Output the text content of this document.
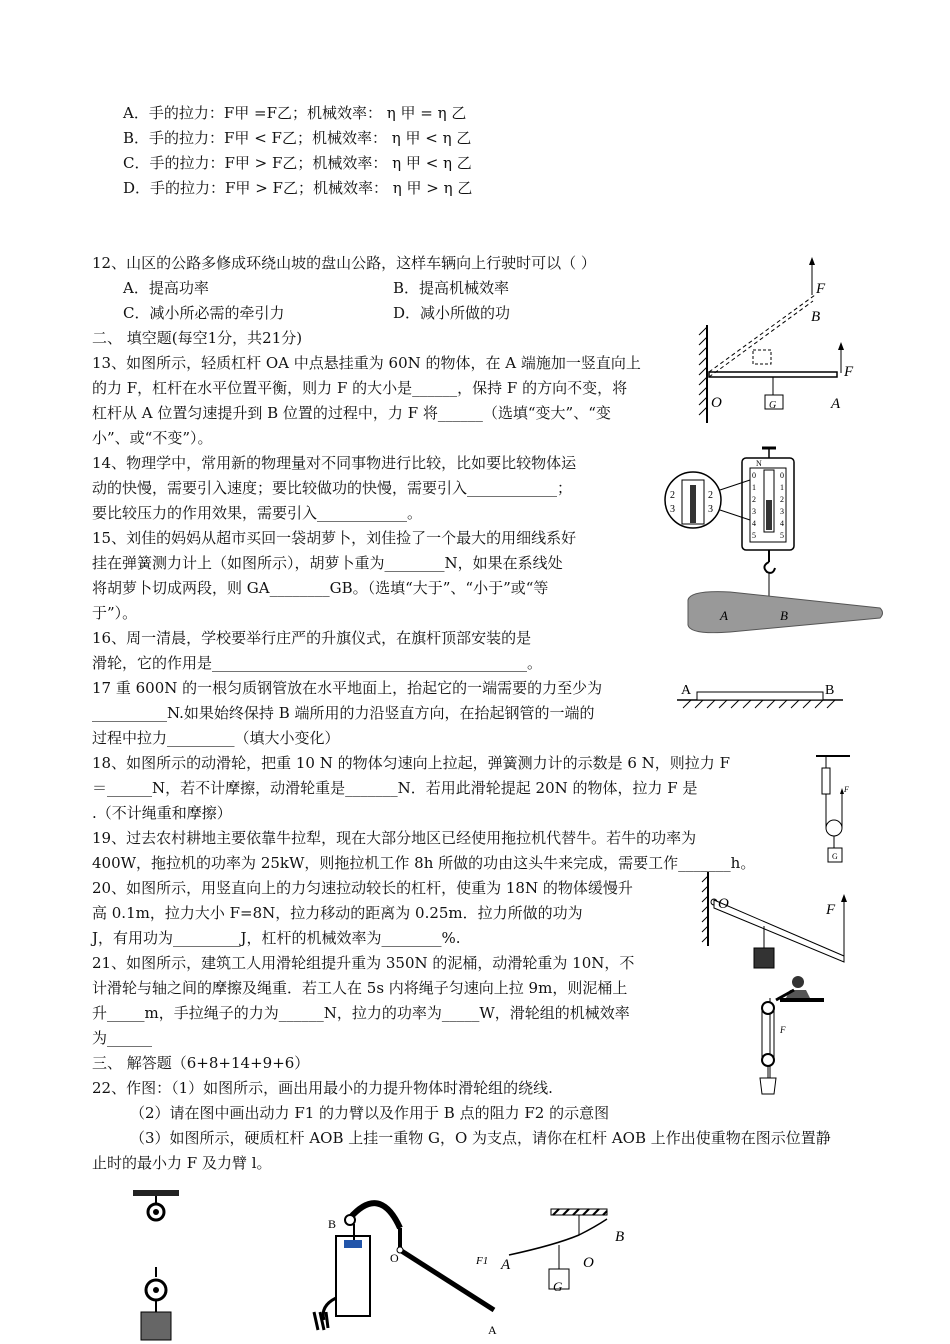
A．手的拉力：F甲 =F乙；机械效率： η 甲 = η 乙
B．手的拉力：F甲 < F乙；机械效率： η 甲 < η 乙
C．手的拉力：F甲 > F乙；机械效率： η 甲 < η 乙
D．手的拉力：F甲 > F乙；机械效率： η 甲 > η 乙
12、山区的公路多修成环绕山坡的盘山公路，这样车辆向上行驶时可以（ ）
A．提高功率	B．提高机械效率
C．减小所必需的牵引力	D．减小所做的功
二、 填空题(每空1分，共21分)
13、如图所示，轻质杠杆 OA 中点悬挂重为 60N 的物体，在 A 端施加一竖直向上
的力 F，杠杆在水平位置平衡，则力 F 的大小是______，保持 F 的方向不变，将
杠杆从 A 位置匀速提升到 B 位置的过程中，力 F 将______（选填“变大”、“变
小”、或“不变”）。
14、物理学中，常用新的物理量对不同事物进行比较，比如要比较物体运
动的快慢，需要引入速度；要比较做功的快慢，需要引入____________；
要比较压力的作用效果，需要引入____________。
15、刘佳的妈妈从超市买回一袋胡萝卜，刘佳捡了一个最大的用细线系好
挂在弹簧测力计上（如图所示），胡萝卜重为________N，如果在系线处
将胡萝卜切成两段，则 GA________GB。（选填“大于”、“小于”或“等
于”）。
16、周一清晨，学校要举行庄严的升旗仪式，在旗杆顶部安装的是
滑轮，它的作用是__________________________________________。
17 重 600N 的一根匀质钢管放在水平地面上，抬起它的一端需要的力至少为
__________N.如果始终保持 B 端所用的力沿竖直方向，在抬起钢管的一端的
过程中拉力_________（填大小变化）
18、如图所示的动滑轮，把重 10 N 的物体匀速向上拉起，弹簧测力计的示数是 6 N，则拉力 F
＝______N，若不计摩擦，动滑轮重是_______N．若用此滑轮提起 20N 的物体，拉力 F 是
.（不计绳重和摩擦）
19、过去农村耕地主要依靠牛拉犁，现在大部分地区已经使用拖拉机代替牛。若牛的功率为
400W，拖拉机的功率为 25kW，则拖拉机工作 8h 所做的功由这头牛来完成，需要工作_______h。
20、如图所示，用竖直向上的力匀速拉动较长的杠杆，使重为 18N 的物体缓慢升
高 0.1m，拉力大小 F=8N，拉力移动的距离为 0.25m．拉力所做的功为
J，有用功为_________J，杠杆的机械效率为________%.
21、如图所示，建筑工人用滑轮组提升重为 350N 的泥桶，动滑轮重为 10N，不
计滑轮与轴之间的摩擦及绳重．若工人在 5s 内将绳子匀速向上拉 9m，则泥桶上
升_____m，手拉绳子的力为______N，拉力的功率为_____W，滑轮组的机械效率
为______
三、 解答题（6+8+14+9+6）
22、作图：（1）如图所示，画出用最小的力提升物体时滑轮组的绕线.
（2）请在图中画出动力 F1 的力臂以及作用于 B 点的阻力 F2 的示意图
（3）如图所示，硬质杠杆 AOB 上挂一重物 G，O 为支点，请你在杠杆 AOB 上作出使重物在图示位置静
止时的最小力 F 及力臂 l。
F
B
F
O	G	A
N
0
1
2
3
4
5
0
1
2
3
4
5
2
3
2
3
A	B
A	B
F
G
O	F
F
B
O	F1
A
A
B
O
G
